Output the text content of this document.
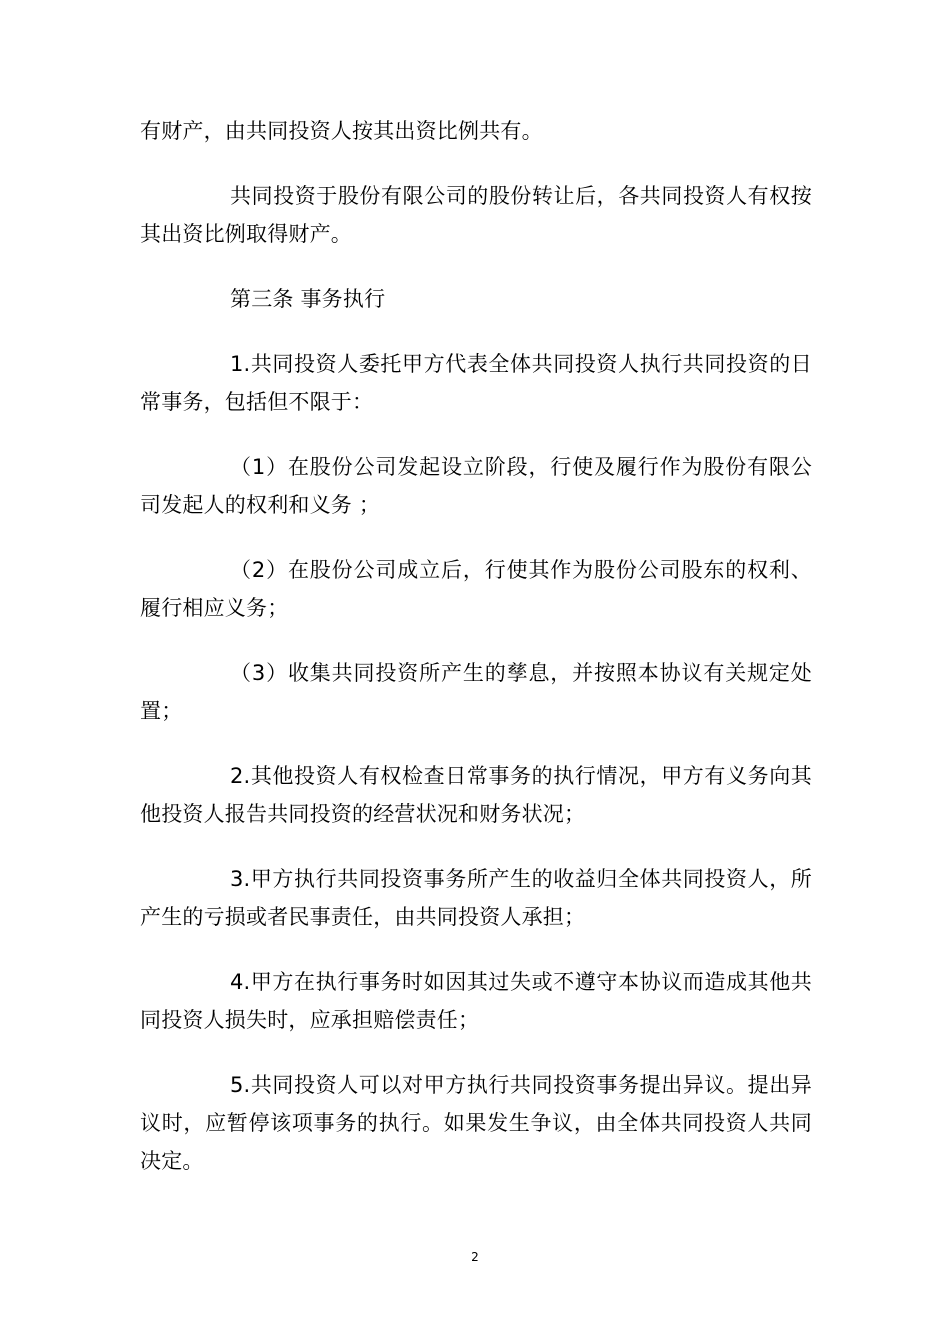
有财产，由共同投资人按其出资比例共有。

共同投资于股份有限公司的股份转让后，各共同投资人有权按其出资比例取得财产。

第三条 事务执行

1.共同投资人委托甲方代表全体共同投资人执行共同投资的日常事务，包括但不限于：

（1）在股份公司发起设立阶段，行使及履行作为股份有限公司发起人的权利和义务 ；

（2）在股份公司成立后，行使其作为股份公司股东的权利、履行相应义务；

（3）收集共同投资所产生的孳息，并按照本协议有关规定处置；

2.其他投资人有权检查日常事务的执行情况，甲方有义务向其他投资人报告共同投资的经营状况和财务状况；

3.甲方执行共同投资事务所产生的收益归全体共同投资人，所产生的亏损或者民事责任，由共同投资人承担；

4.甲方在执行事务时如因其过失或不遵守本协议而造成其他共同投资人损失时，应承担赔偿责任；

5.共同投资人可以对甲方执行共同投资事务提出异议。提出异议时，应暂停该项事务的执行。如果发生争议，由全体共同投资人共同决定。

2
